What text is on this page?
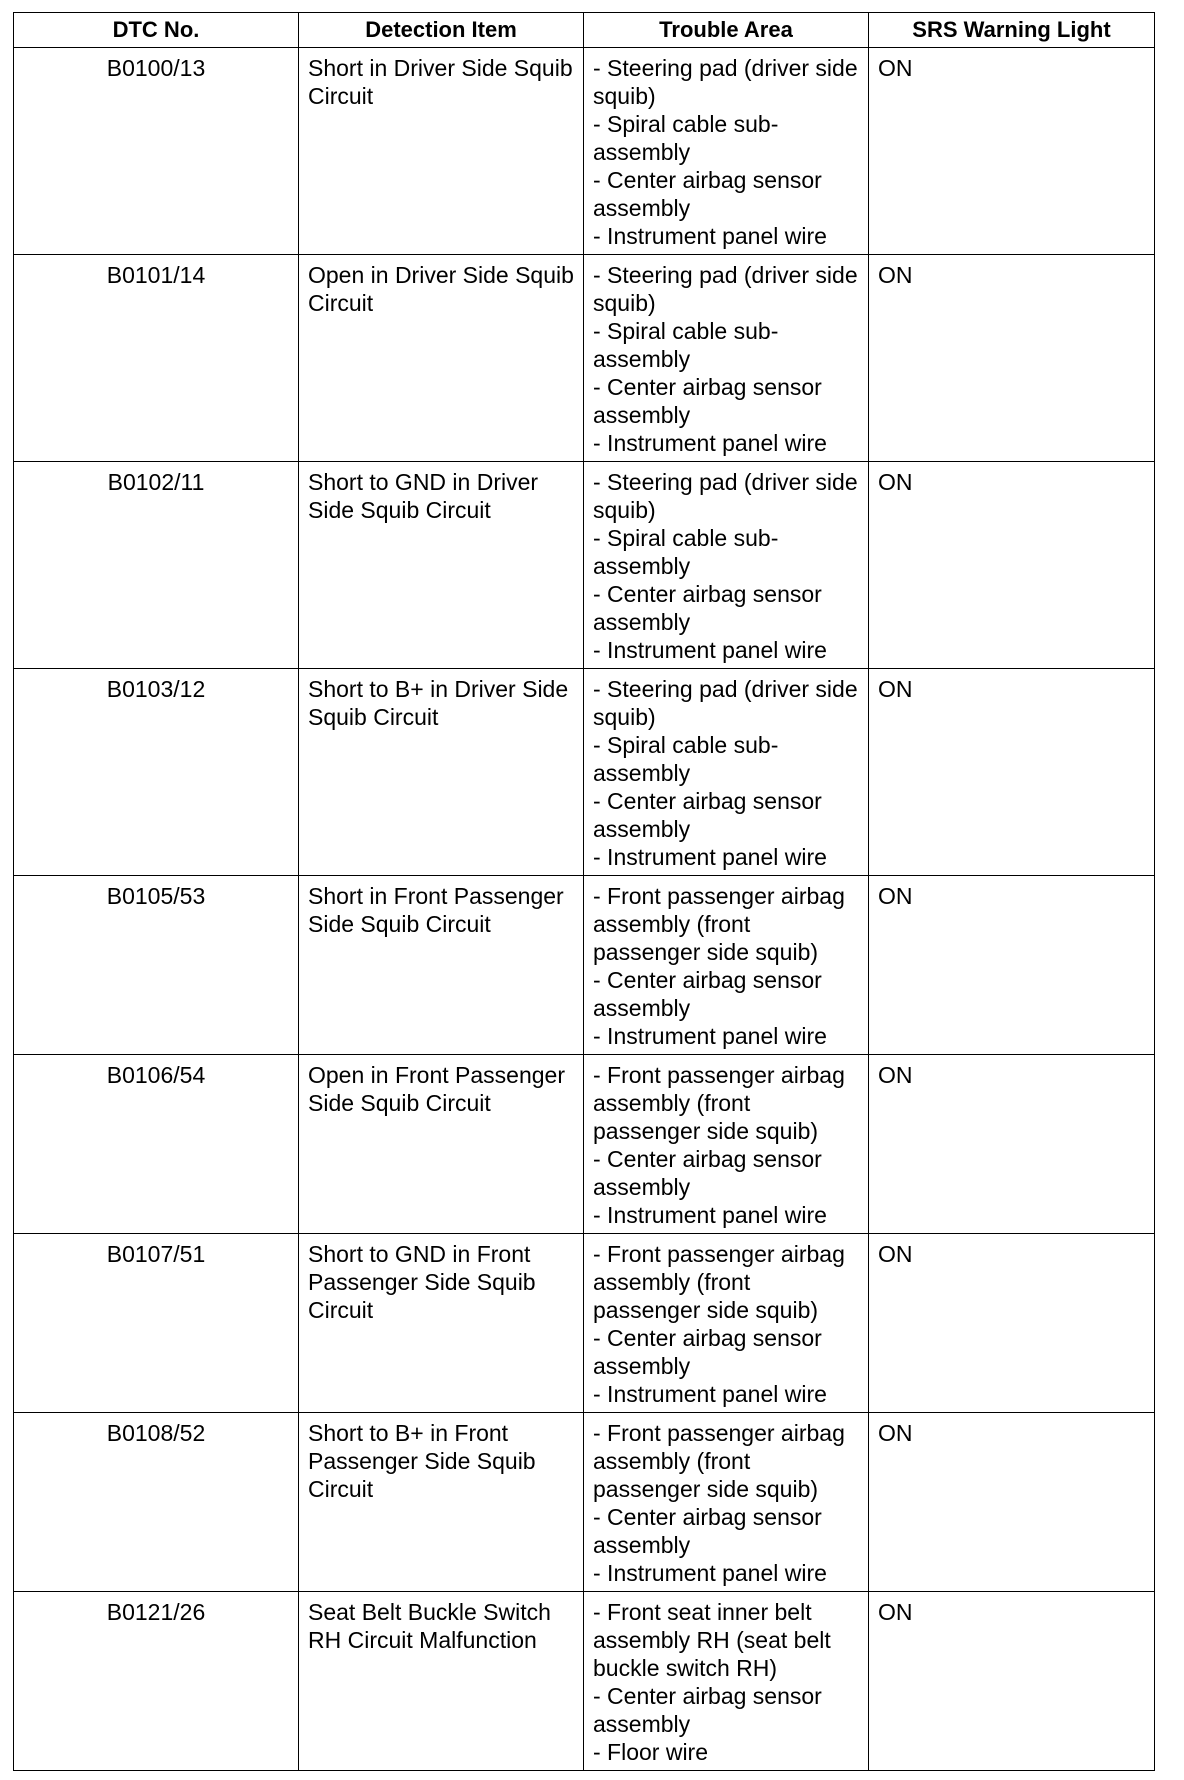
DTC No.	Detection Item	Trouble Area	SRS Warning Light
B0100/13	Short in Driver Side Squib Circuit	- Steering pad (driver side squib)
- Spiral cable sub-assembly
- Center airbag sensor assembly
- Instrument panel wire	ON
B0101/14	Open in Driver Side Squib Circuit	- Steering pad (driver side squib)
- Spiral cable sub-assembly
- Center airbag sensor assembly
- Instrument panel wire	ON
B0102/11	Short to GND in Driver Side Squib Circuit	- Steering pad (driver side squib)
- Spiral cable sub-assembly
- Center airbag sensor assembly
- Instrument panel wire	ON
B0103/12	Short to B+ in Driver Side Squib Circuit	- Steering pad (driver side squib)
- Spiral cable sub-assembly
- Center airbag sensor assembly
- Instrument panel wire	ON
B0105/53	Short in Front Passenger Side Squib Circuit	- Front passenger airbag assembly (front passenger side squib)
- Center airbag sensor assembly
- Instrument panel wire	ON
B0106/54	Open in Front Passenger Side Squib Circuit	- Front passenger airbag assembly (front passenger side squib)
- Center airbag sensor assembly
- Instrument panel wire	ON
B0107/51	Short to GND in Front Passenger Side Squib Circuit	- Front passenger airbag assembly (front passenger side squib)
- Center airbag sensor assembly
- Instrument panel wire	ON
B0108/52	Short to B+ in Front Passenger Side Squib Circuit	- Front passenger airbag assembly (front passenger side squib)
- Center airbag sensor assembly
- Instrument panel wire	ON
B0121/26	Seat Belt Buckle Switch RH Circuit Malfunction	- Front seat inner belt assembly RH (seat belt buckle switch RH)
- Center airbag sensor assembly
- Floor wire	ON
